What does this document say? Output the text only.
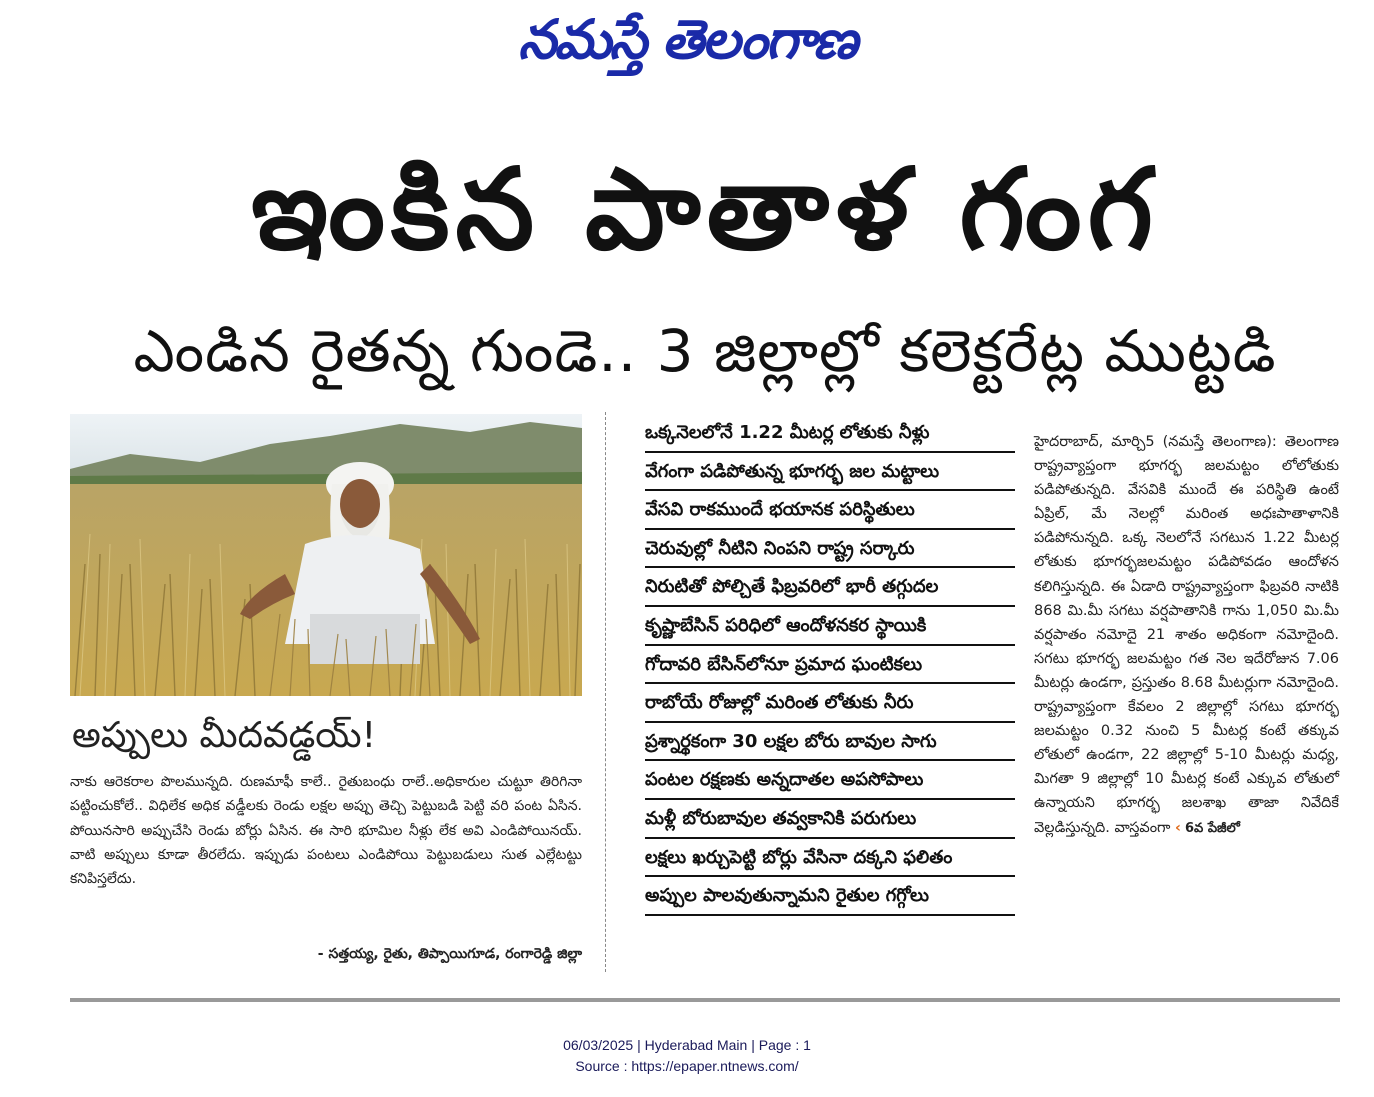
నమస్తే తెలంగాణ
ఇంకిన పాతాళ గంగ
ఎండిన రైతన్న గుండె.. 3 జిల్లాల్లో కలెక్టరేట్ల ముట్టడి
అప్పులు మీదవడ్డయ్!
నాకు ఆరెకరాల పొలమున్నది. రుణమాఫీ కాలే.. రైతుబంధు రాలే..అధికారుల చుట్టూ తిరిగినా పట్టించుకోలే.. విధిలేక అధిక వడ్డీలకు రెండు లక్షల అప్పు తెచ్చి పెట్టుబడి పెట్టి వరి పంట ఏసిన. పోయినసారి అప్పుచేసి రెండు బోర్లు ఏసిన. ఈ సారి భూమిల నీళ్లు లేక అవి ఎండిపోయినయ్. వాటి అప్పులు కూడా తీరలేదు. ఇప్పుడు పంటలు ఎండిపోయి పెట్టుబడులు సుత ఎల్లేటట్టు కనిపిస్తలేదు.
- సత్తయ్య, రైతు, తిప్పాయిగూడ, రంగారెడ్డి జిల్లా
ఒక్కనెలలోనే 1.22 మీటర్ల లోతుకు నీళ్లు
వేగంగా పడిపోతున్న భూగర్భ జల మట్టాలు
వేసవి రాకముందే భయానక పరిస్థితులు
చెరువుల్లో నీటిని నింపని రాష్ట్ర సర్కారు
నిరుటితో పోల్చితే ఫిబ్రవరిలో భారీ తగ్గుదల
కృష్ణాబేసిన్ పరిధిలో ఆందోళనకర స్థాయికి
గోదావరి బేసిన్‌లోనూ ప్రమాద ఘంటికలు
రాబోయే రోజుల్లో మరింత లోతుకు నీరు
ప్రశ్నార్థకంగా 30 లక్షల బోరు బావుల సాగు
పంటల రక్షణకు అన్నదాతల అపసోపాలు
మళ్లీ బోరుబావుల తవ్వకానికి పరుగులు
లక్షలు ఖర్చుపెట్టి బోర్లు వేసినా దక్కని ఫలితం
అప్పుల పాలవుతున్నామని రైతుల గగ్గోలు
హైదరాబాద్, మార్చి5 (నమస్తే తెలంగాణ): తెలంగాణ రాష్ట్రవ్యాప్తంగా భూగర్భ జలమట్టం లోలోతుకు పడిపోతున్నది. వేసవికి ముందే ఈ పరిస్థితి ఉంటే ఏప్రిల్, మే నెలల్లో మరింత అధఃపాతాళానికి పడిపోనున్నది. ఒక్క నెలలోనే సగటున 1.22 మీటర్ల లోతుకు భూగర్భజలమట్టం పడిపోవడం ఆందోళన కలిగిస్తున్నది. ఈ ఏడాది రాష్ట్రవ్యాప్తంగా ఫిబ్రవరి నాటికి 868 మి.మీ సగటు వర్షపాతానికి గాను 1,050 మి.మీ వర్షపాతం నమోదై 21 శాతం అధికంగా నమోదైంది. సగటు భూగర్భ జలమట్టం గత నెల ఇదేరోజున 7.06 మీటర్లు ఉండగా, ప్రస్తుతం 8.68 మీటర్లుగా నమోదైంది. రాష్ట్రవ్యాప్తంగా కేవలం 2 జిల్లాల్లో సగటు భూగర్భ జలమట్టం 0.32 నుంచి 5 మీటర్ల కంటే తక్కువ లోతులో ఉండగా, 22 జిల్లాల్లో 5-10 మీటర్లు మధ్య, మిగతా 9 జిల్లాల్లో 10 మీటర్ల కంటే ఎక్కువ లోతులో ఉన్నాయని భూగర్భ జలశాఖ తాజా నివేదికే వెల్లడిస్తున్నది. వాస్తవంగా ‹ 6వ పేజీలో
06/03/2025 | Hyderabad Main | Page : 1
Source : https://epaper.ntnews.com/
